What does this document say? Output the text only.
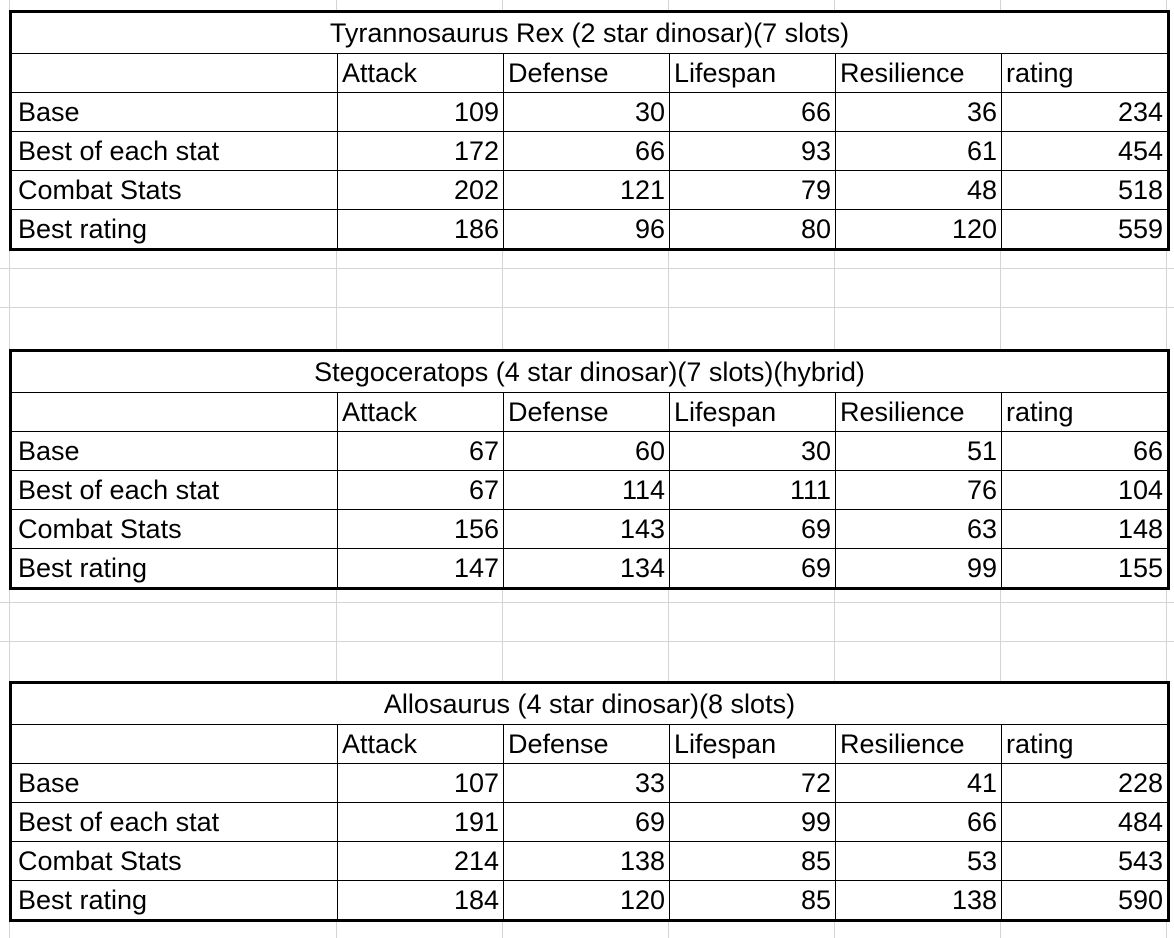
Tyrannosaurus Rex (2 star dinosar)(7 slots)					
	Attack	Defense	Lifespan	Resilience	rating
Base	109	30	66	36	234
Best of each stat	172	66	93	61	454
Combat Stats	202	121	79	48	518
Best rating	186	96	80	120	559
Stegoceratops (4 star dinosar)(7 slots)(hybrid)					
	Attack	Defense	Lifespan	Resilience	rating
Base	67	60	30	51	66
Best of each stat	67	114	111	76	104
Combat Stats	156	143	69	63	148
Best rating	147	134	69	99	155
Allosaurus (4 star dinosar)(8 slots)					
	Attack	Defense	Lifespan	Resilience	rating
Base	107	33	72	41	228
Best of each stat	191	69	99	66	484
Combat Stats	214	138	85	53	543
Best rating	184	120	85	138	590
